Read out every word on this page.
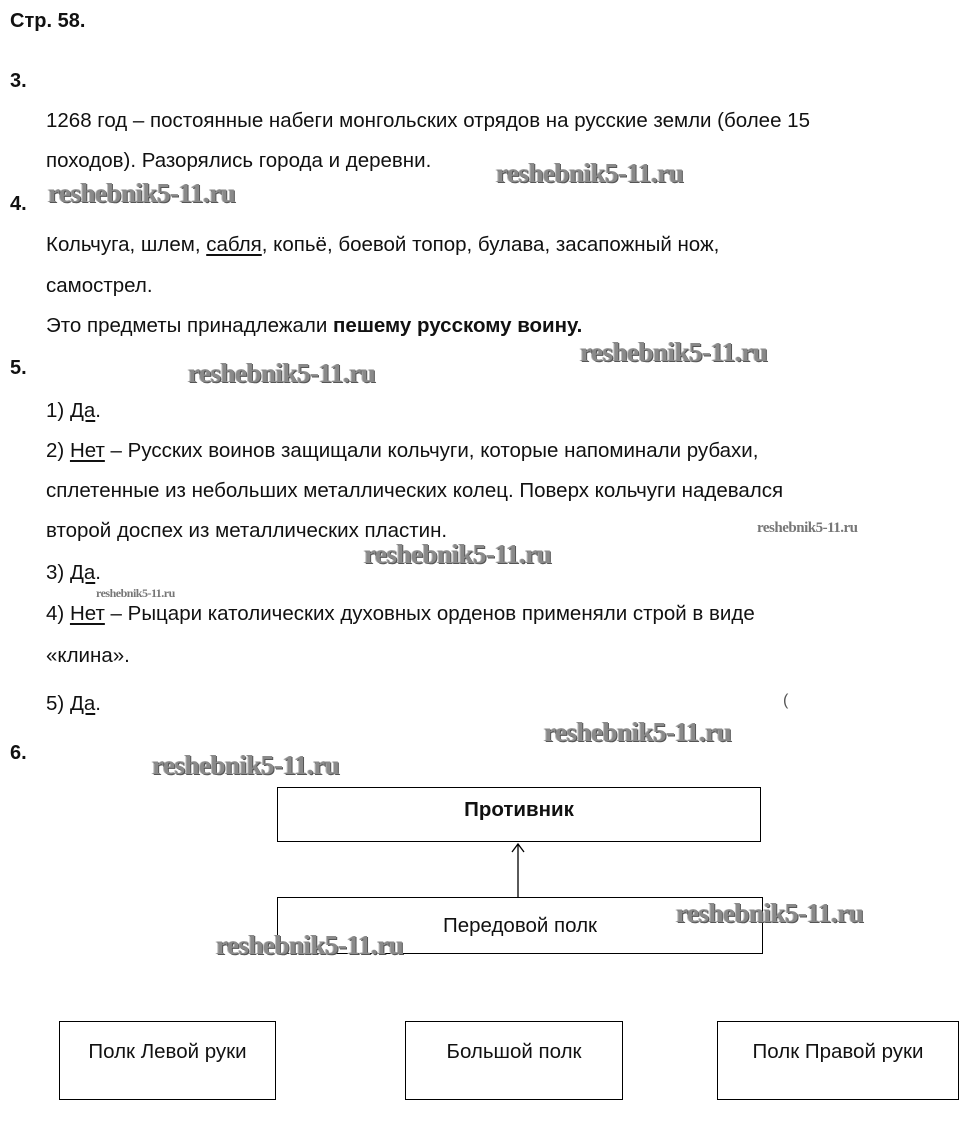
Стр. 58.
3.
1268 год – постоянные набеги монгольских отрядов на русские земли (более 15
походов). Разорялись города и деревни.
4.
Кольчуга, шлем, сабля, копьё, боевой топор, булава, засапожный нож,
самострел.
Это предметы принадлежали пешему русскому воину.
5.
1) Да.
2) Нет – Русских воинов защищали кольчуги, которые напоминали рубахи,
сплетенные из небольших металлических колец. Поверх кольчуги надевался
второй доспех из металлических пластин.
3) Да.
4) Нет – Рыцари католических духовных орденов применяли строй в виде
«клина».
5) Да.	(
6.
Противник
Передовой полк
Полк Левой руки	Большой полк	Полк Правой руки
reshebnik5-11.ru
reshebnik5-11.ru
reshebnik5-11.ru
reshebnik5-11.ru
reshebnik5-11.ru
reshebnik5-11.ru
reshebnik5-11.ru
reshebnik5-11.ru
reshebnik5-11.ru
reshebnik5-11.ru
reshebnik5-11.ru
